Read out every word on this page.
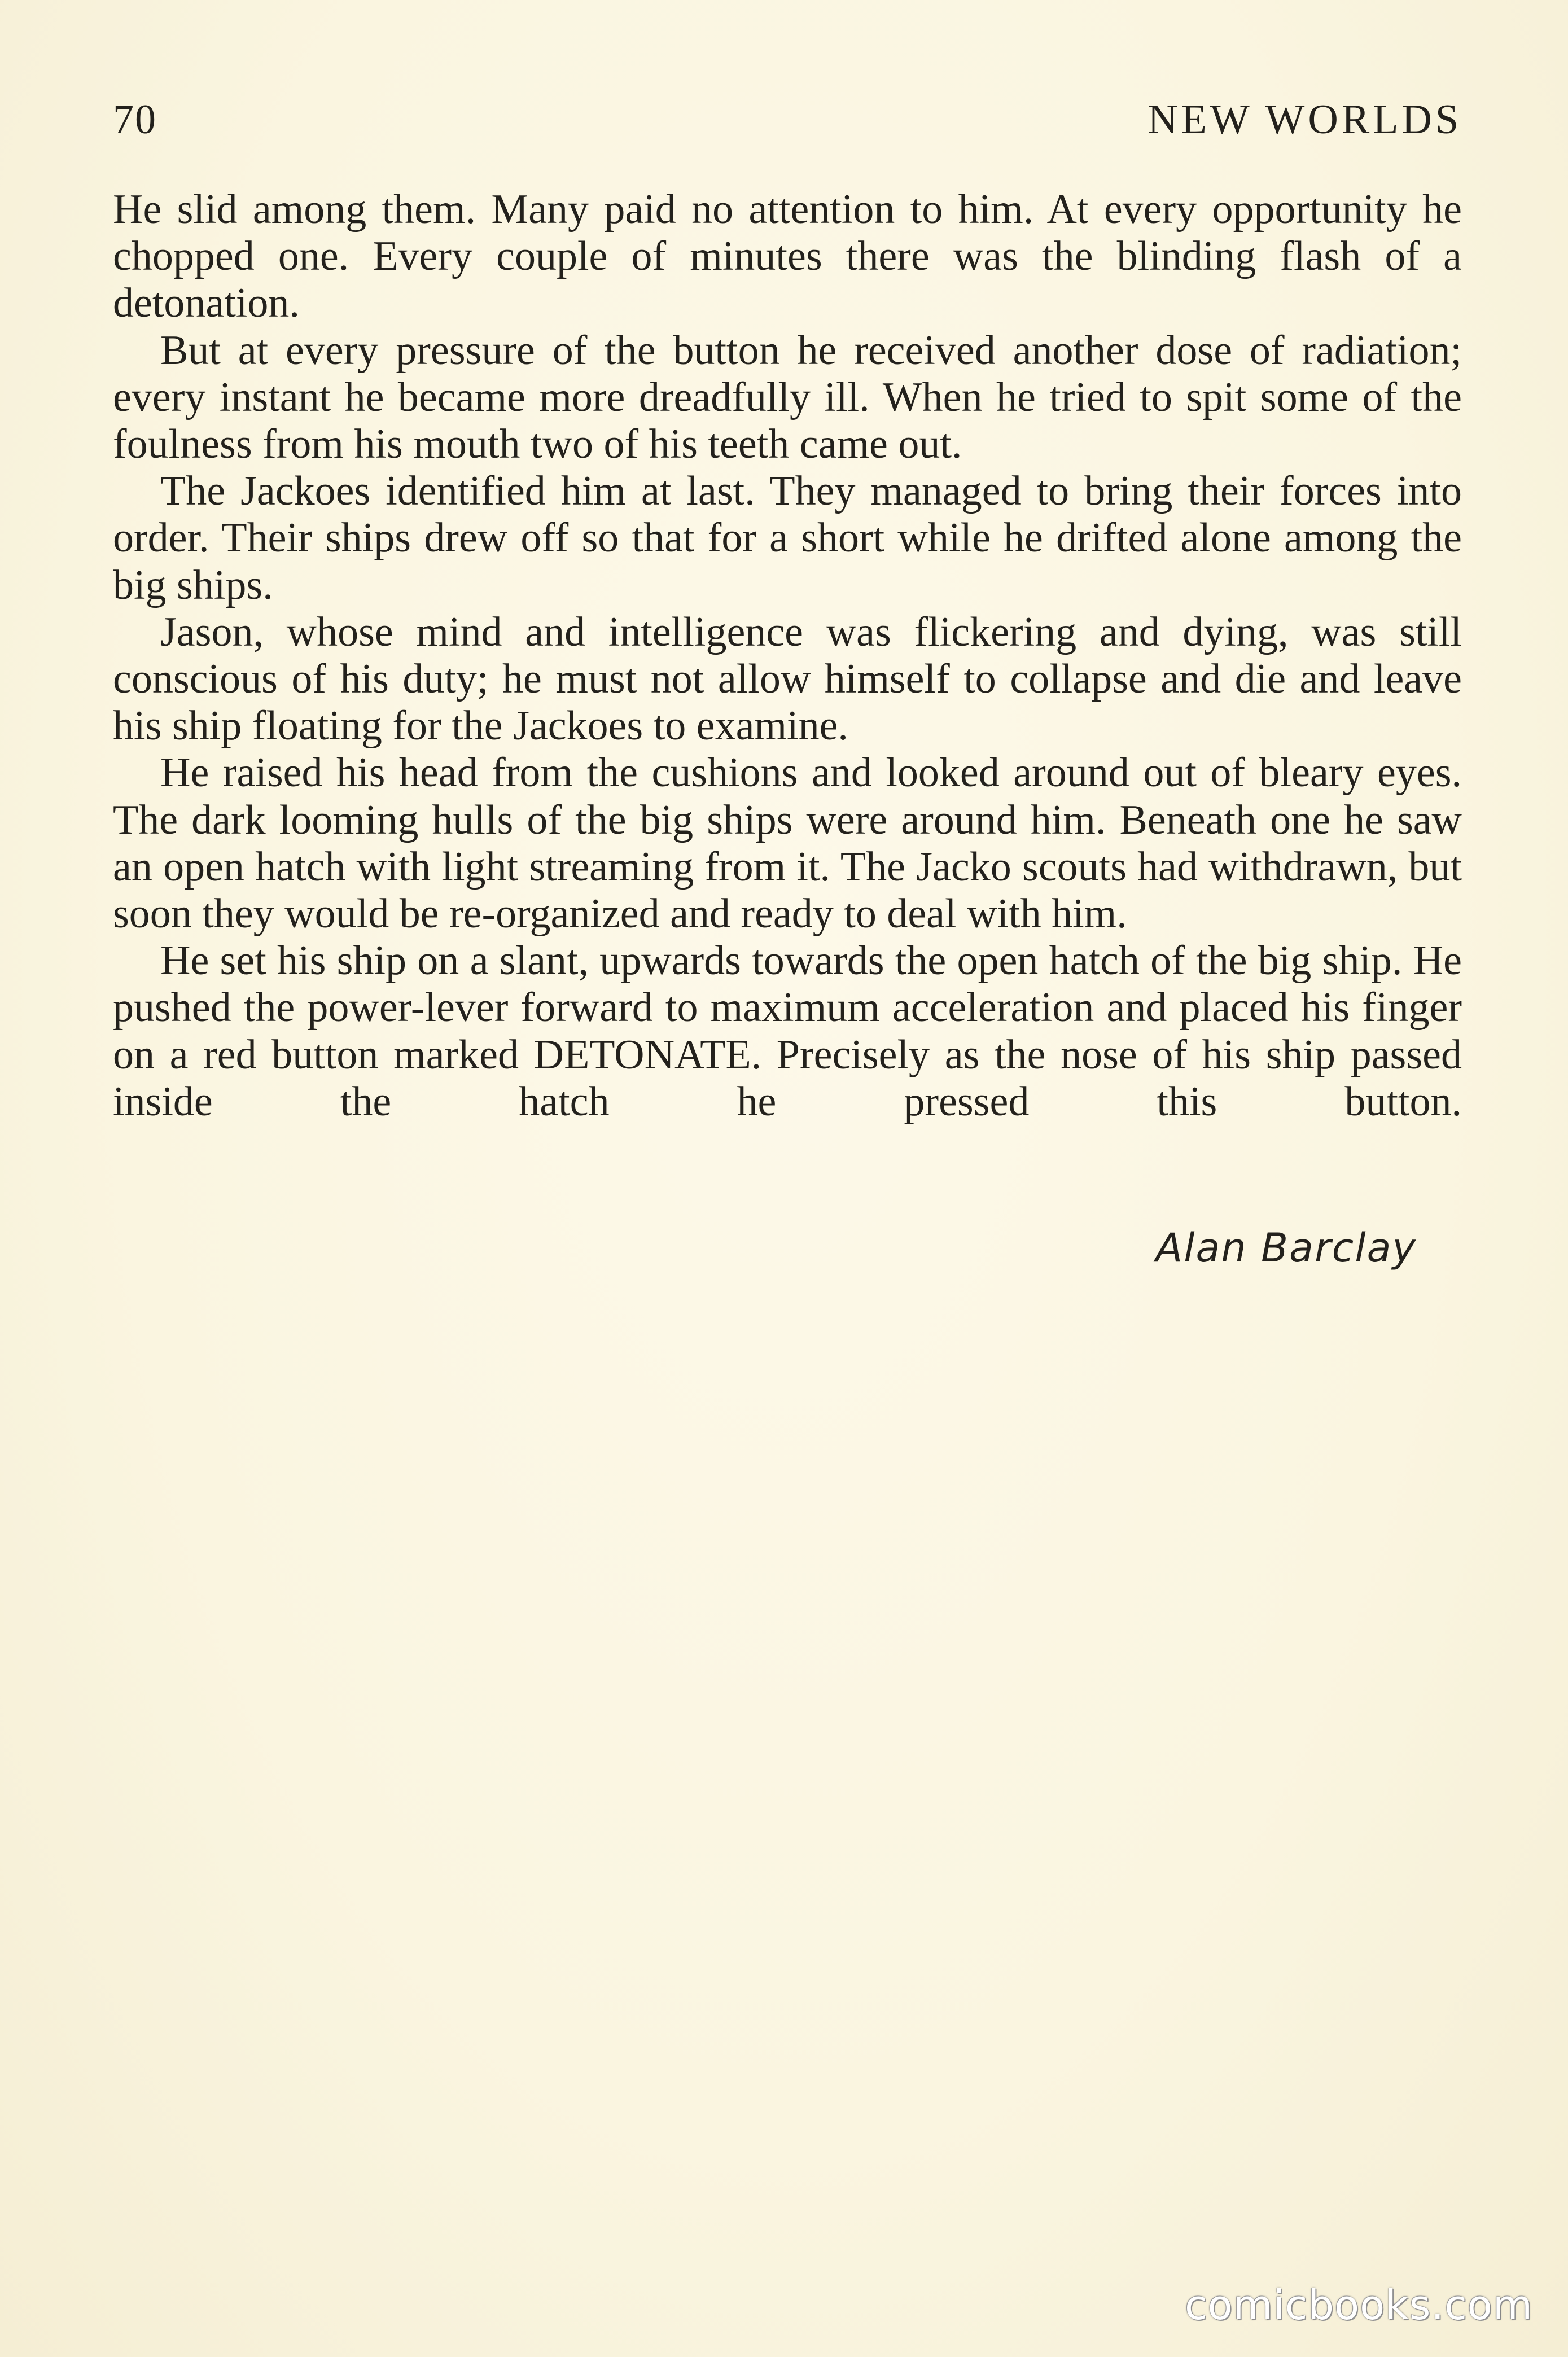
70	NEW WORLDS

He slid among them. Many paid no attention to him. At every opportunity he chopped one. Every couple of minutes there was the blinding flash of a detonation.

But at every pressure of the button he received another dose of radiation; every instant he became more dreadfully ill. When he tried to spit some of the foulness from his mouth two of his teeth came out.

The Jackoes identified him at last. They managed to bring their forces into order. Their ships drew off so that for a short while he drifted alone among the big ships.

Jason, whose mind and intelligence was flickering and dying, was still conscious of his duty; he must not allow himself to collapse and die and leave his ship floating for the Jackoes to examine.

He raised his head from the cushions and looked around out of bleary eyes. The dark looming hulls of the big ships were around him. Beneath one he saw an open hatch with light streaming from it. The Jacko scouts had withdrawn, but soon they would be re-organized and ready to deal with him.

He set his ship on a slant, upwards towards the open hatch of the big ship. He pushed the power-lever forward to maximum acceleration and placed his finger on a red button marked DETONATE. Precisely as the nose of his ship passed inside the hatch he pressed this button.

Alan Barclay
comicbooks.com
